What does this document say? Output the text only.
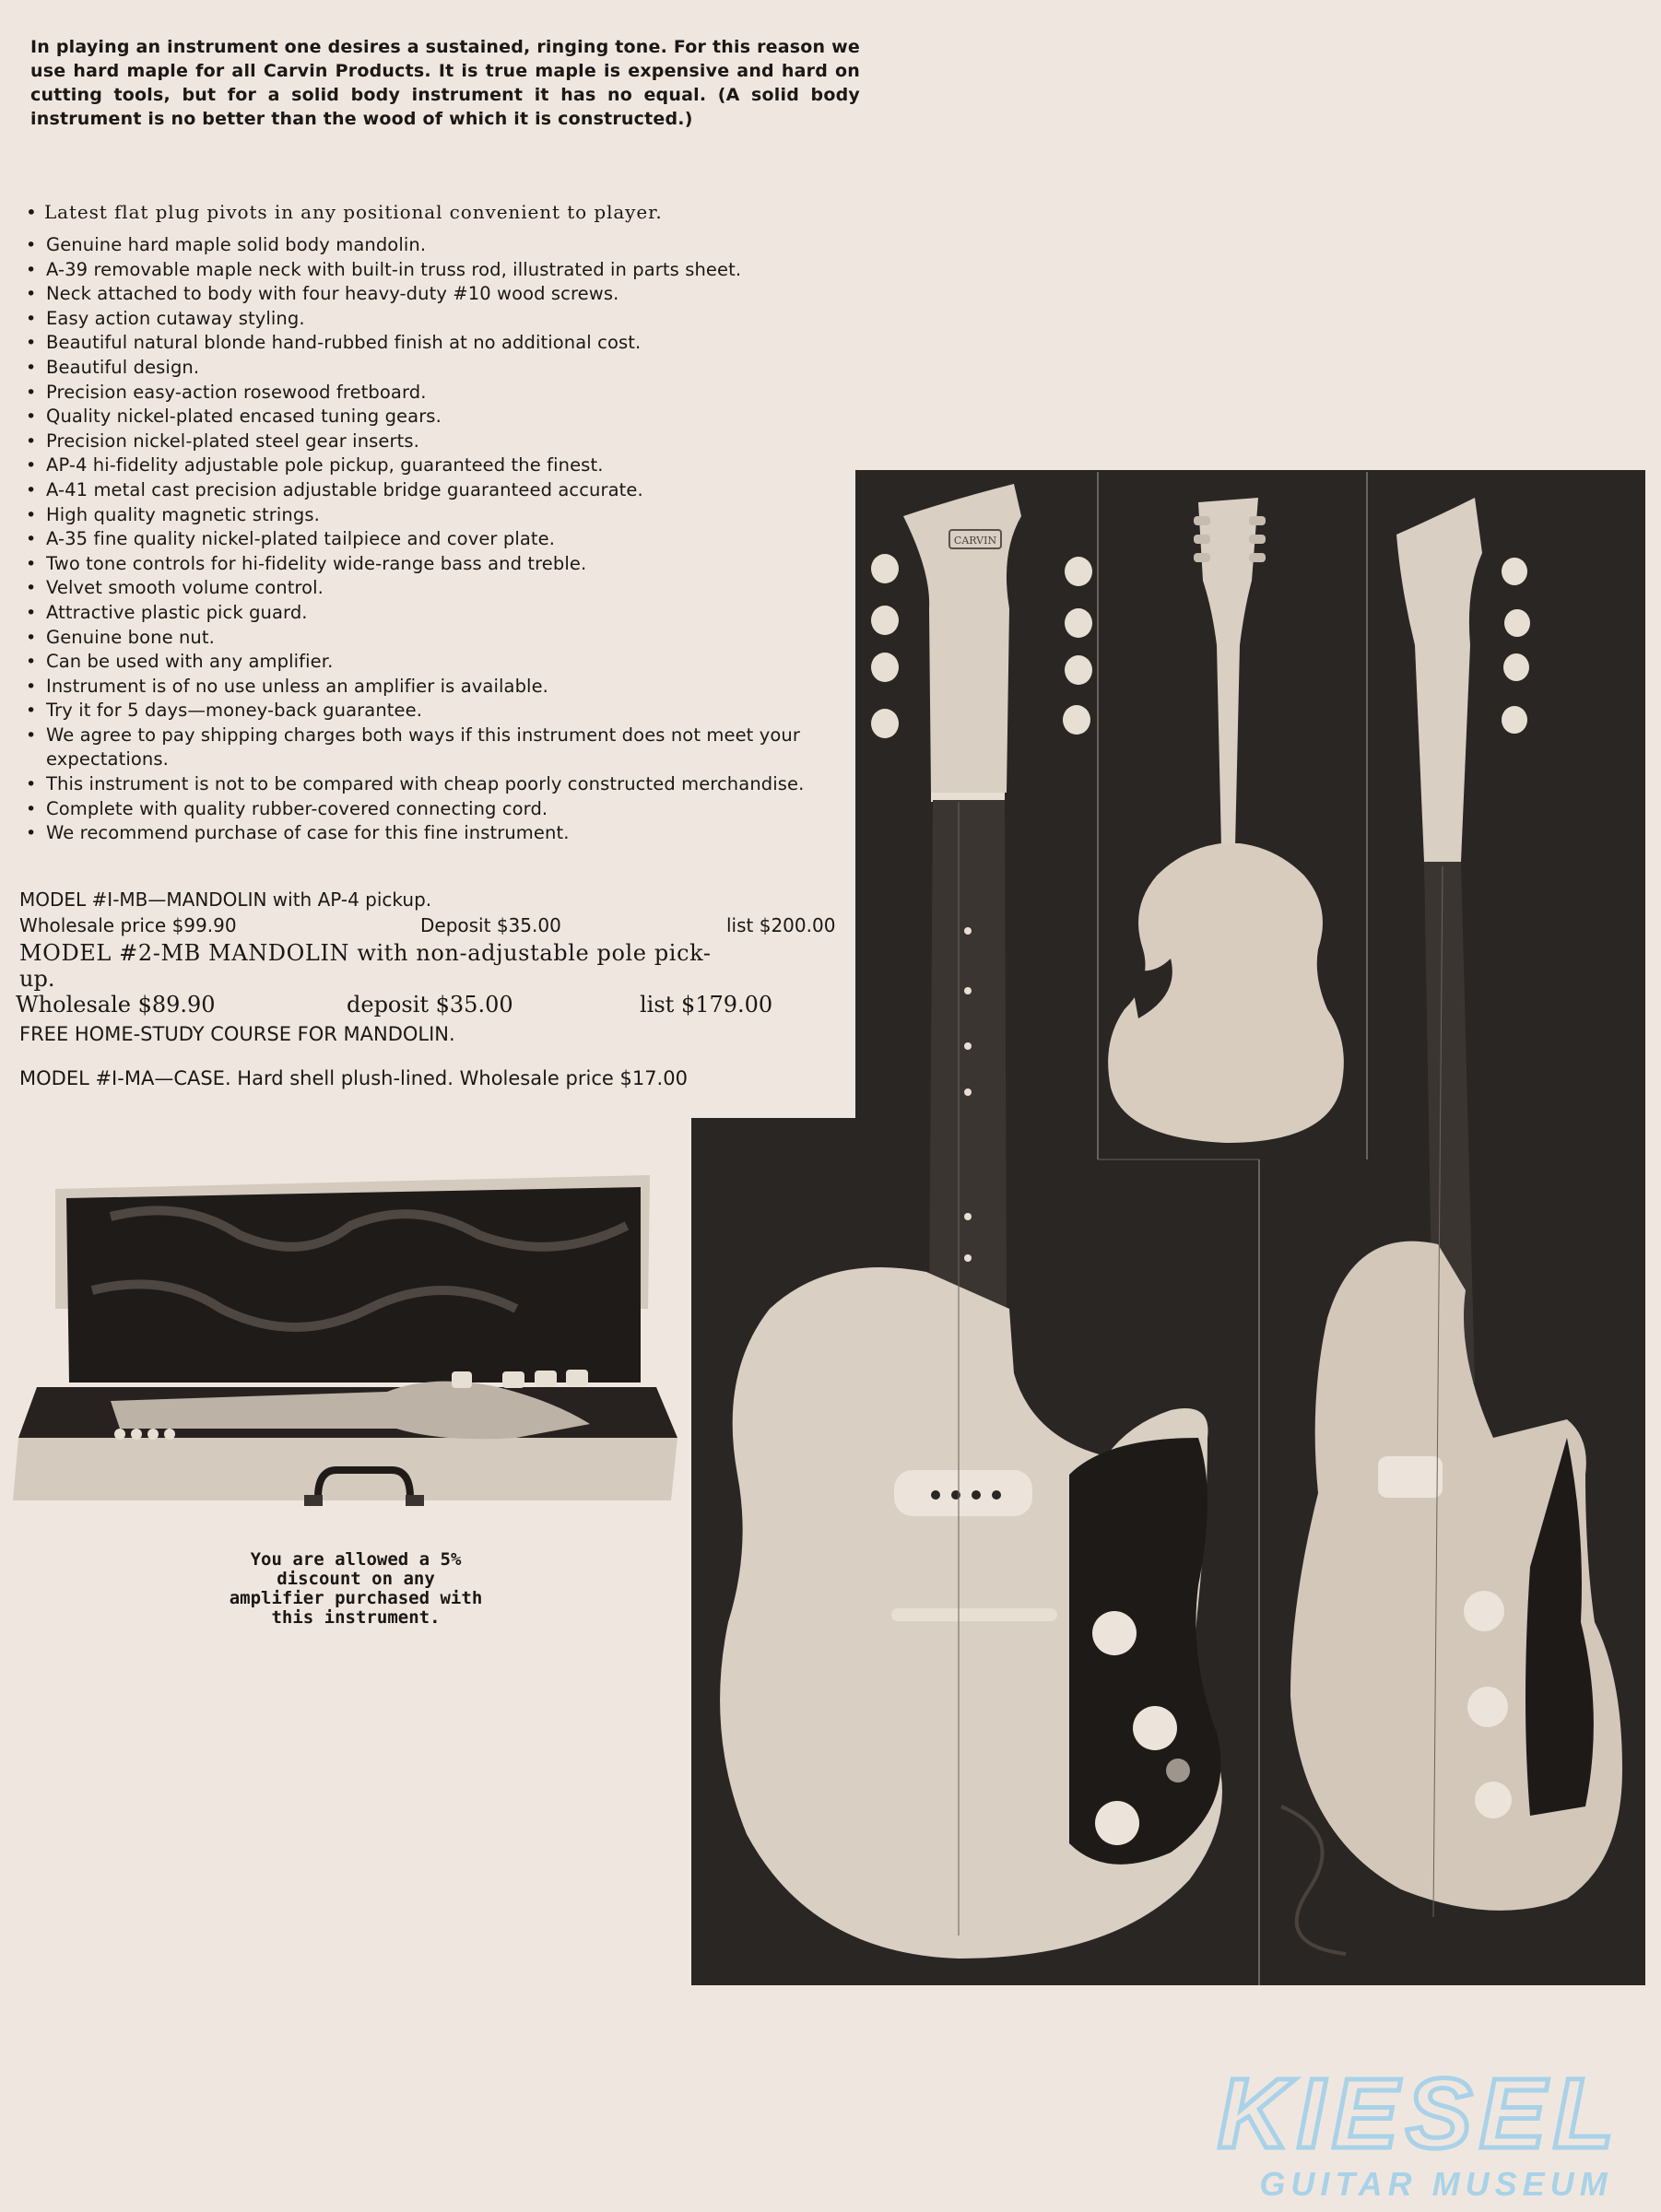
In playing an instrument one desires a sustained, ringing tone. For this reason we use hard maple for all Carvin Products. It is true maple is expensive and hard on cutting tools, but for a solid body instrument it has no equal. (A solid body instrument is no better than the wood of which it is constructed.)
• Latest flat plug pivots in any positional convenient to player.
• Genuine hard maple solid body mandolin.
• A-39 removable maple neck with built-in truss rod, illustrated in parts sheet.
• Neck attached to body with four heavy-duty #10 wood screws.
• Easy action cutaway styling.
• Beautiful natural blonde hand-rubbed finish at no additional cost.
• Beautiful design.
• Precision easy-action rosewood fretboard.
• Quality nickel-plated encased tuning gears.
• Precision nickel-plated steel gear inserts.
• AP-4 hi-fidelity adjustable pole pickup, guaranteed the finest.
• A-41 metal cast precision adjustable bridge guaranteed accurate.
• High quality magnetic strings.
• A-35 fine quality nickel-plated tailpiece and cover plate.
• Two tone controls for hi-fidelity wide-range bass and treble.
• Velvet smooth volume control.
• Attractive plastic pick guard.
• Genuine bone nut.
• Can be used with any amplifier.
• Instrument is of no use unless an amplifier is available.
• Try it for 5 days—money-back guarantee.
• We agree to pay shipping charges both ways if this instrument does not meet your expectations.
• This instrument is not to be compared with cheap poorly constructed merchandise.
• Complete with quality rubber-covered connecting cord.
• We recommend purchase of case for this fine instrument.
MODEL #I-MB—MANDOLIN with AP-4 pickup.
Wholesale price $99.90	Deposit $35.00	list $200.00
MODEL #2-MB MANDOLIN with non-adjustable pole pick-
up.
Wholesale $89.90	deposit $35.00	list $179.00
FREE HOME-STUDY COURSE FOR MANDOLIN.
MODEL #I-MA—CASE. Hard shell plush-lined. Wholesale price $17.00
CARVIN
You are allowed a 5% discount on any amplifier purchased with this instrument.
KIESEL
GUITAR MUSEUM
